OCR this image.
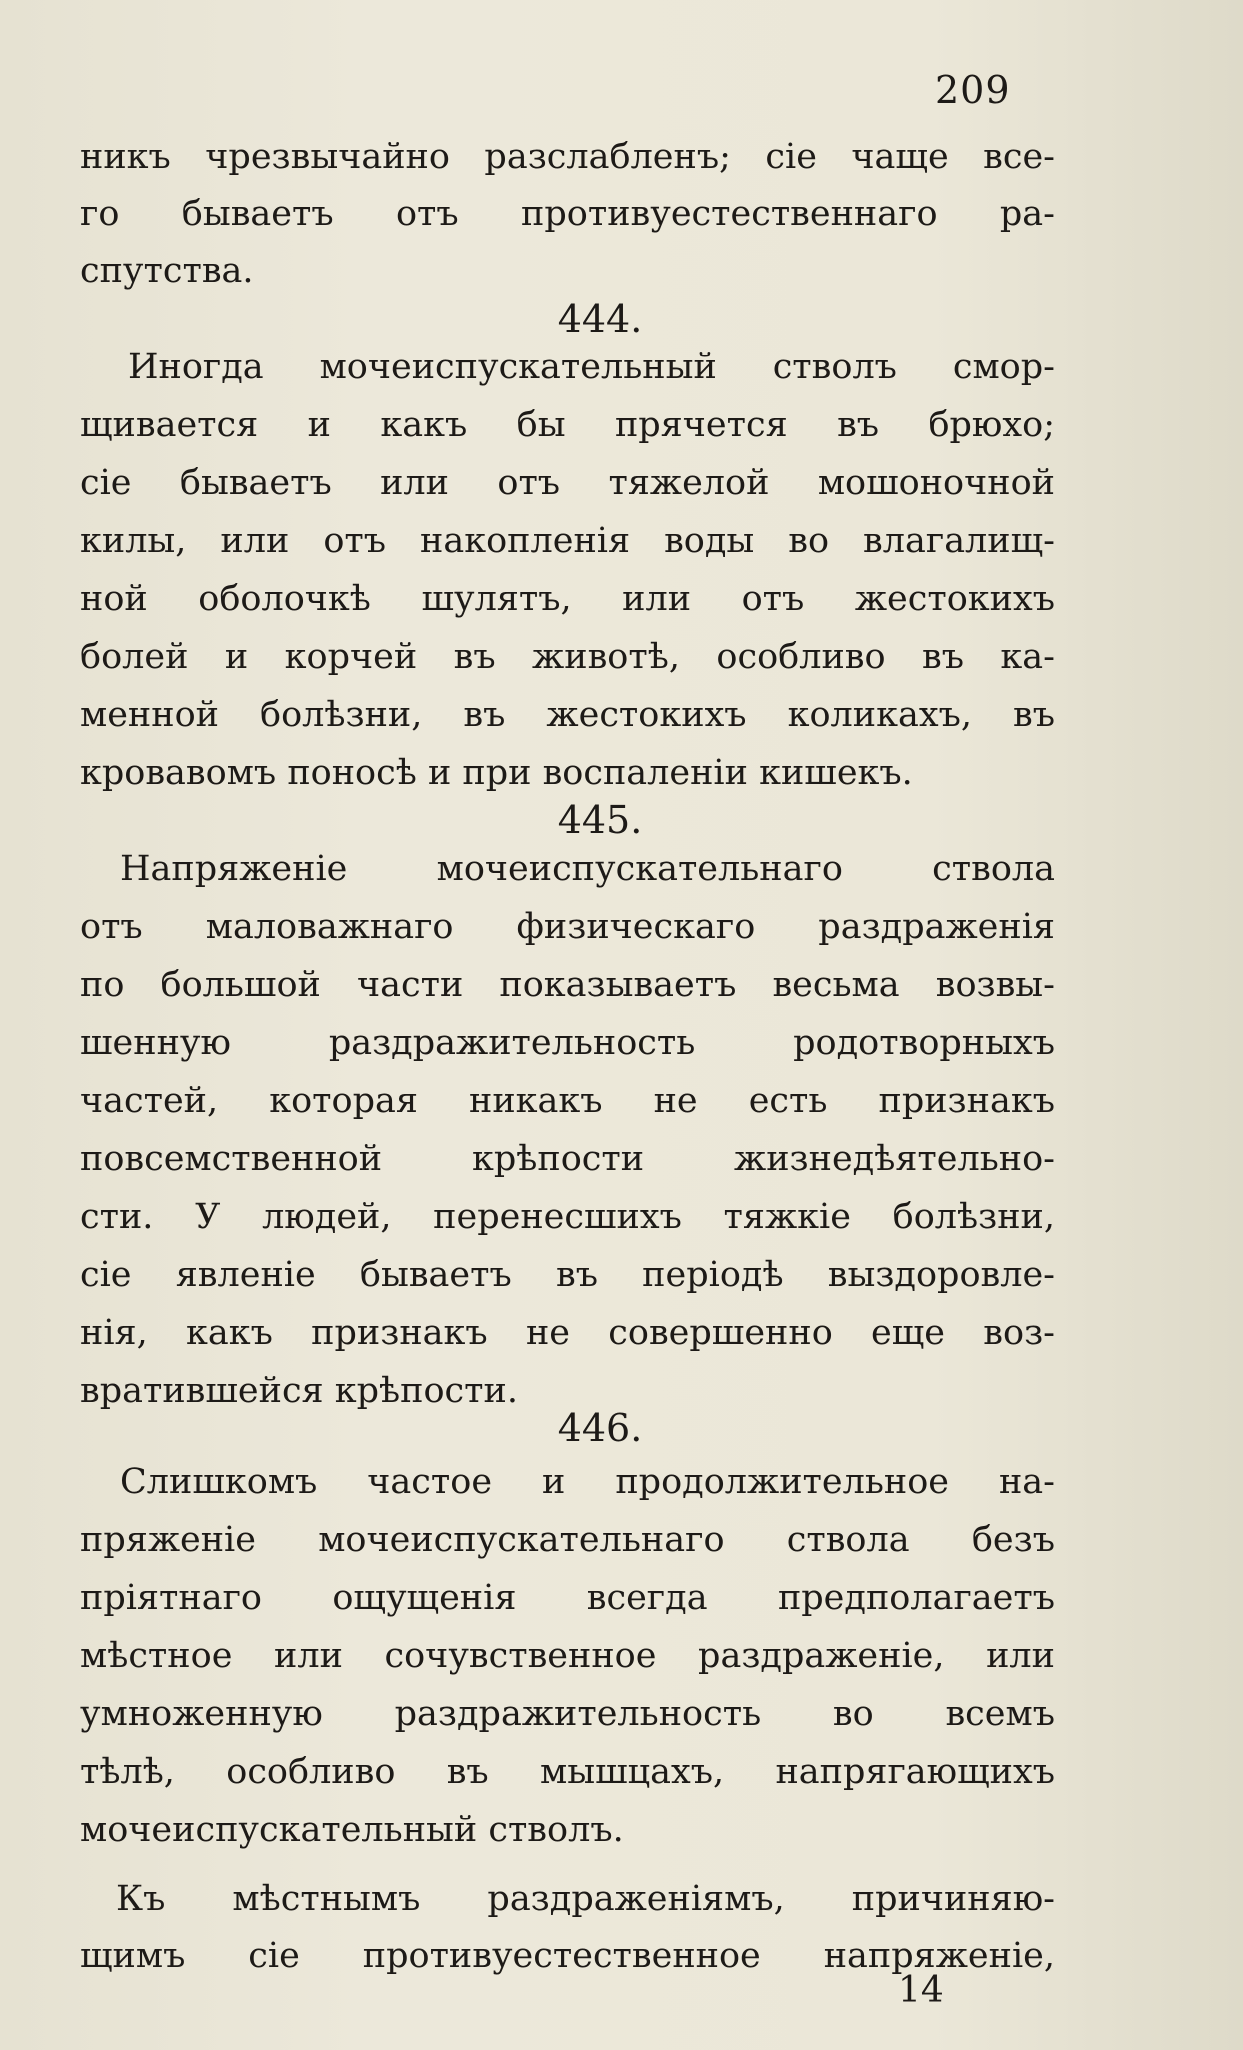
209
никъ чрезвычайно разслабленъ; сіе чаще все-
го бываетъ отъ противуестественнаго ра-
спутства.
444.
Иногда мочеиспускательный стволъ смор-
щивается и какъ бы прячется въ брюхо;
сіе бываетъ или отъ тяжелой мошоночной
килы, или отъ накопленія воды во влагалищ-
ной оболочкѣ шулятъ, или отъ жестокихъ
болей и корчей въ животѣ, особливо въ ка-
менной болѣзни, въ жестокихъ коликахъ, въ
кровавомъ поносѣ и при воспаленіи кишекъ.
445.
Напряженіе мочеиспускательнаго ствола
отъ маловажнаго физическаго раздраженія
по большой части показываетъ весьма возвы-
шенную раздражительность родотворныхъ
частей, которая никакъ не есть признакъ
повсемственной крѣпости жизнедѣятельно-
сти. У людей, перенесшихъ тяжкіе болѣзни,
сіе явленіе бываетъ въ періодѣ выздоровле-
нія, какъ признакъ не совершенно еще воз-
вратившейся крѣпости.
446.
Слишкомъ частое и продолжительное на-
пряженіе мочеиспускательнаго ствола безъ
пріятнаго ощущенія всегда предполагаетъ
мѣстное или сочувственное раздраженіе, или
умноженную раздражительность во всемъ
тѣлѣ, особливо въ мышцахъ, напрягающихъ
мочеиспускательный стволъ.
Къ мѣстнымъ раздраженіямъ, причиняю-
щимъ сіе противуестественное напряженіе,
14
